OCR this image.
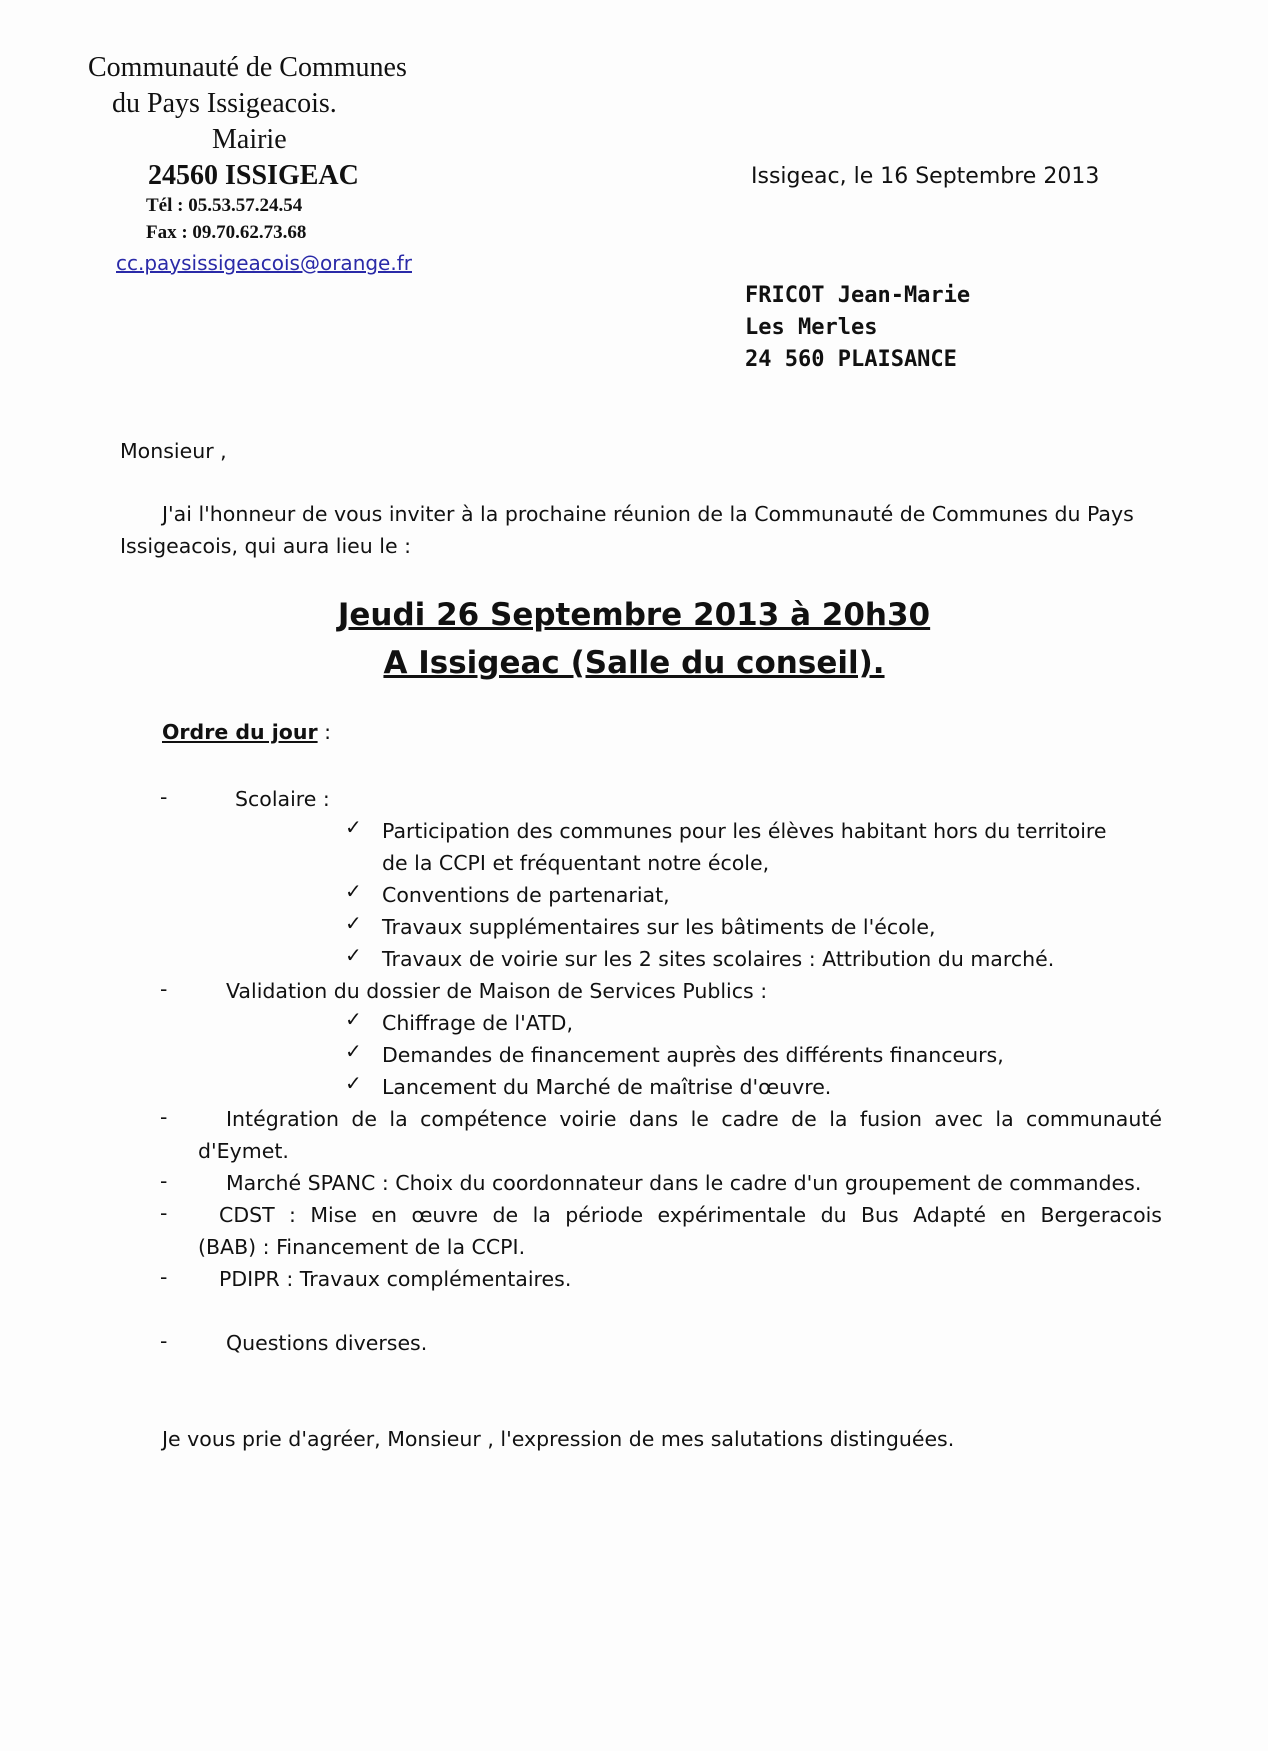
Communauté de Communes
du Pays Issigeacois.
Mairie
24560 ISSIGEAC
Tél : 05.53.57.24.54
Fax : 09.70.62.73.68
cc.paysissigeacois@orange.fr
Issigeac, le 16 Septembre 2013
FRICOT Jean-Marie
Les Merles
24 560 PLAISANCE
Monsieur ,
J'ai l'honneur de vous inviter à la prochaine réunion de la Communauté de Communes du Pays
Issigeacois, qui aura lieu le :
Jeudi 26 Septembre 2013 à 20h30
A Issigeac (Salle du conseil).
Ordre du jour :
-	Scolaire :
✓ Participation des communes pour les élèves habitant hors du territoire
de la CCPI et fréquentant notre école,
✓ Conventions de partenariat,
✓ Travaux supplémentaires sur les bâtiments de l'école,
✓ Travaux de voirie sur les 2 sites scolaires : Attribution du marché.
-	Validation du dossier de Maison de Services Publics :
✓ Chiffrage de l'ATD,
✓ Demandes de financement auprès des différents financeurs,
✓ Lancement du Marché de maîtrise d'œuvre.
-	Intégration de la compétence voirie dans le cadre de la fusion avec la communauté
d'Eymet.
-	Marché SPANC : Choix du coordonnateur dans le cadre d'un groupement de commandes.
-	CDST : Mise en œuvre de la période expérimentale du Bus Adapté en Bergeracois
(BAB) : Financement de la CCPI.
-	PDIPR : Travaux complémentaires.
-	Questions diverses.
Je vous prie d'agréer, Monsieur , l'expression de mes salutations distinguées.
